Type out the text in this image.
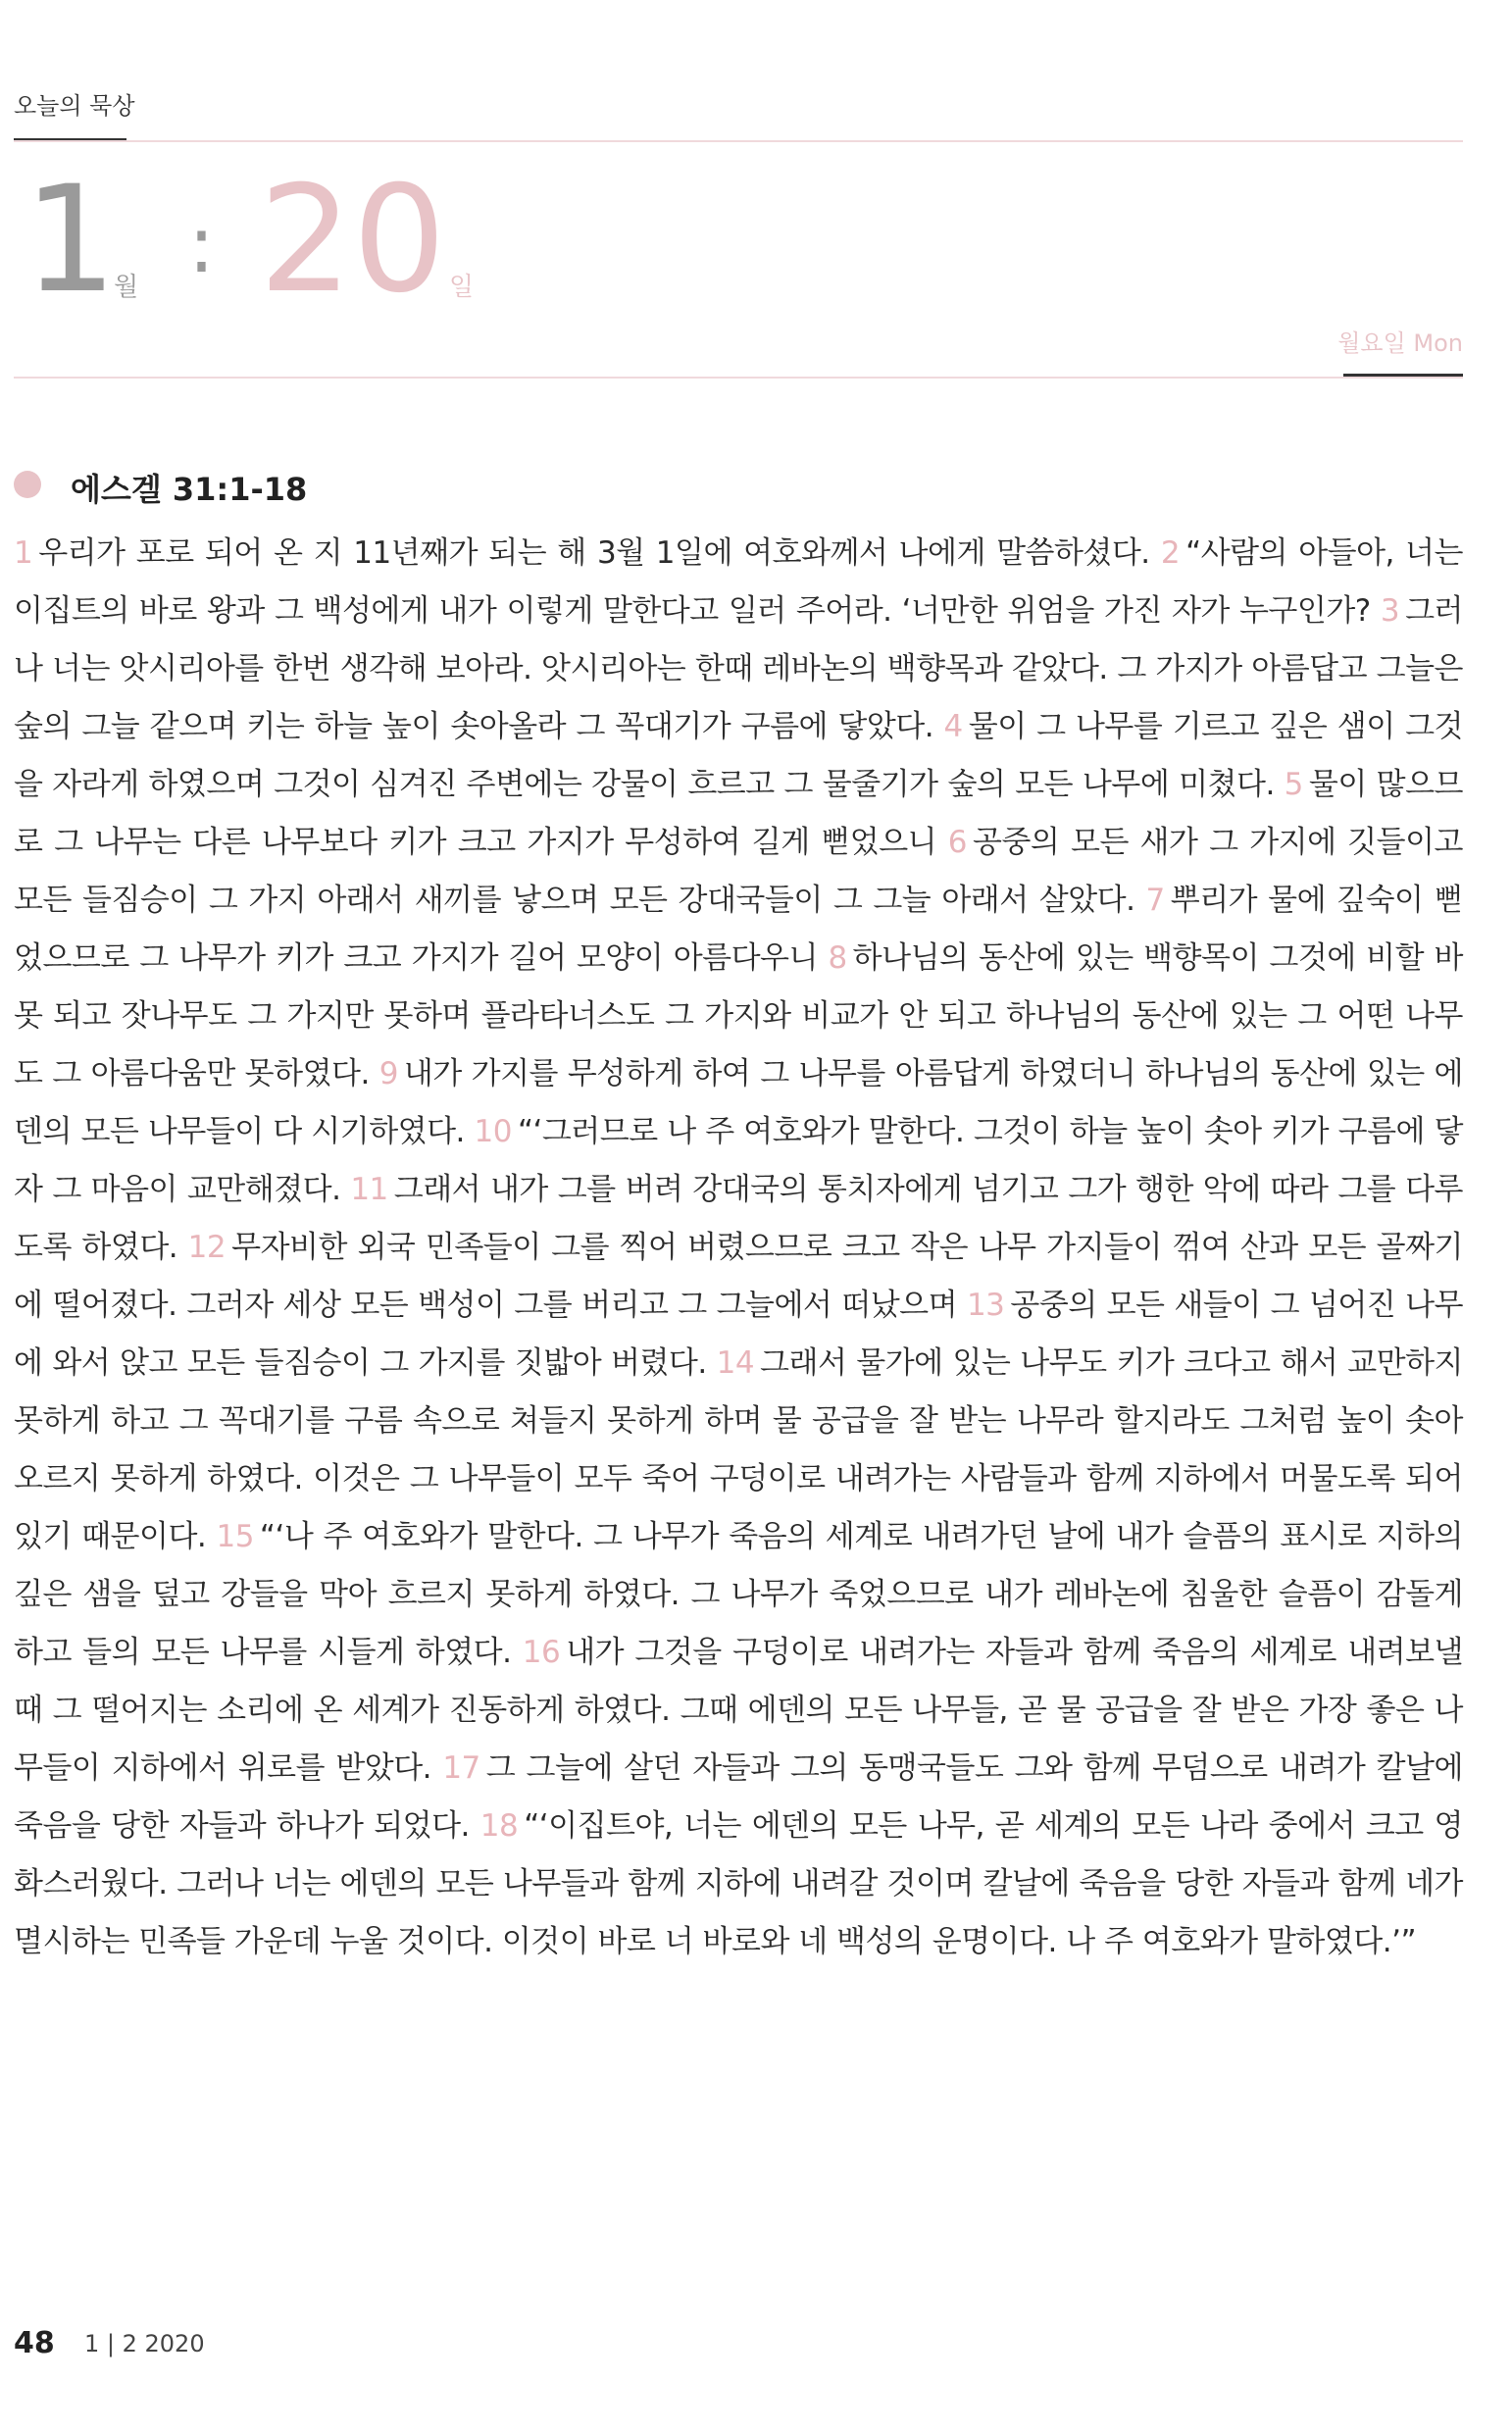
오늘의 묵상
1
월 : 20 일
월요일 Mon
에스겔 31:1-18
1 우리가 포로 되어 온 지 11년째가 되는 해 3월 1일에 여호와께서 나에게 말씀하셨다. 2 “사람의 아들아, 너는 이집트의 바로 왕과 그 백성에게 내가 이렇게 말한다고 일러 주어라. ‘너만한 위엄을 가진 자가 누구인가? 3 그러나 너는 앗시리아를 한번 생각해 보아라. 앗시리아는 한때 레바논의 백향목과 같았다. 그 가지가 아름답고 그늘은 숲의 그늘 같으며 키는 하늘 높이 솟아올라 그 꼭대기가 구름에 닿았다. 4 물이 그 나무를 기르고 깊은 샘이 그것을 자라게 하였으며 그것이 심겨진 주변에는 강물이 흐르고 그 물줄기가 숲의 모든 나무에 미쳤다. 5 물이 많으므로 그 나무는 다른 나무보다 키가 크고 가지가 무성하여 길게 뻗었으니 6 공중의 모든 새가 그 가지에 깃들이고 모든 들짐승이 그 가지 아래서 새끼를 낳으며 모든 강대국들이 그 그늘 아래서 살았다. 7 뿌리가 물에 깊숙이 뻗었으므로 그 나무가 키가 크고 가지가 길어 모양이 아름다우니 8 하나님의 동산에 있는 백향목이 그것에 비할 바 못 되고 잣나무도 그 가지만 못하며 플라타너스도 그 가지와 비교가 안 되고 하나님의 동산에 있는 그 어떤 나무도 그 아름다움만 못하였다. 9 내가 가지를 무성하게 하여 그 나무를 아름답게 하였더니 하나님의 동산에 있는 에덴의 모든 나무들이 다 시기하였다. 10 “‘그러므로 나 주 여호와가 말한다. 그것이 하늘 높이 솟아 키가 구름에 닿자 그 마음이 교만해졌다. 11 그래서 내가 그를 버려 강대국의 통치자에게 넘기고 그가 행한 악에 따라 그를 다루도록 하였다. 12 무자비한 외국 민족들이 그를 찍어 버렸으므로 크고 작은 나무 가지들이 꺾여 산과 모든 골짜기에 떨어졌다. 그러자 세상 모든 백성이 그를 버리고 그 그늘에서 떠났으며 13 공중의 모든 새들이 그 넘어진 나무에 와서 앉고 모든 들짐승이 그 가지를 짓밟아 버렸다. 14 그래서 물가에 있는 나무도 키가 크다고 해서 교만하지 못하게 하고 그 꼭대기를 구름 속으로 쳐들지 못하게 하며 물 공급을 잘 받는 나무라 할지라도 그처럼 높이 솟아오르지 못하게 하였다. 이것은 그 나무들이 모두 죽어 구덩이로 내려가는 사람들과 함께 지하에서 머물도록 되어 있기 때문이다. 15 “‘나 주 여호와가 말한다. 그 나무가 죽음의 세계로 내려가던 날에 내가 슬픔의 표시로 지하의 깊은 샘을 덮고 강들을 막아 흐르지 못하게 하였다. 그 나무가 죽었으므로 내가 레바논에 침울한 슬픔이 감돌게 하고 들의 모든 나무를 시들게 하였다. 16 내가 그것을 구덩이로 내려가는 자들과 함께 죽음의 세계로 내려보낼 때 그 떨어지는 소리에 온 세계가 진동하게 하였다. 그때 에덴의 모든 나무들, 곧 물 공급을 잘 받은 가장 좋은 나무들이 지하에서 위로를 받았다. 17 그 그늘에 살던 자들과 그의 동맹국들도 그와 함께 무덤으로 내려가 칼날에 죽음을 당한 자들과 하나가 되었다. 18 “‘이집트야, 너는 에덴의 모든 나무, 곧 세계의 모든 나라 중에서 크고 영화스러웠다. 그러나 너는 에덴의 모든 나무들과 함께 지하에 내려갈 것이며 칼날에 죽음을 당한 자들과 함께 네가 멸시하는 민족들 가운데 누울 것이다. 이것이 바로 너 바로와 네 백성의 운명이다. 나 주 여호와가 말하였다.’”
48 1 | 2 2020
